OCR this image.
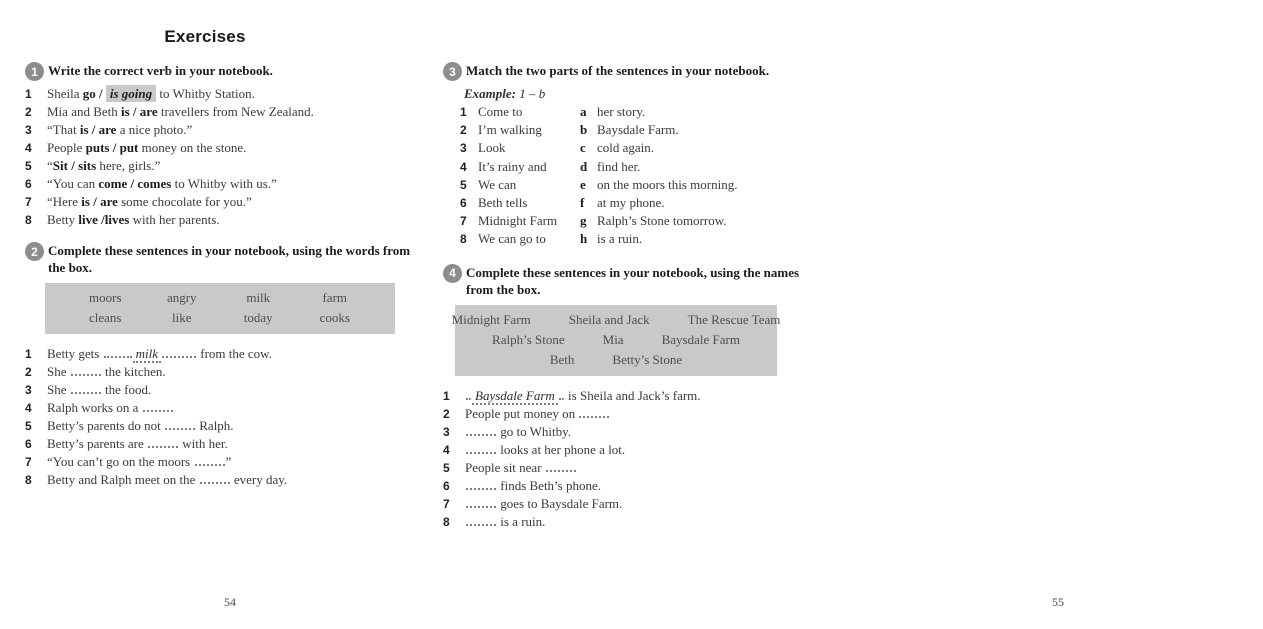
Exercises
1 Write the correct verb in your notebook.
1	Sheila go / is going to Whitby Station.
2	Mia and Beth is / are travellers from New Zealand.
3	“That is / are a nice photo.”
4	People puts / put money on the stone.
5	“Sit / sits here, girls.”
6	“You can come / comes to Whitby with us.”
7	“Here is / are some chocolate for you.”
8	Betty live /lives with her parents.
2 Complete these sentences in your notebook, using the words from the box.
moors	angry	milk	farm
cleans	like	today	cooks
1	Betty gets	milk	from the cow.
2	She  the kitchen.
3	She  the food.
4	Ralph works on a
5	Betty’s parents do not  Ralph.
6	Betty’s parents are  with her.
7	“You can’t go on the moors ”
8	Betty and Ralph meet on the  every day.
54
3 Match the two parts of the sentences in your notebook.
Example: 1 – b
1 Come to	a her story.
2 I’m walking	b Baysdale Farm.
3 Look	c cold again.
4 It’s rainy and	d find her.
5 We can	e on the moors this morning.
6 Beth tells	f at my phone.
7 Midnight Farm	g Ralph’s Stone tomorrow.
8 We can go to	h is a ruin.
4 Complete these sentences in your notebook, using the names from the box.
Midnight Farm	Sheila and Jack	The Rescue Team
Ralph’s Stone	Mia	Baysdale Farm
Beth	Betty’s Stone
1	Baysdale Farm is Sheila and Jack’s farm.
2	People put money on
3	go to Whitby.
4	looks at her phone a lot.
5	People sit near
6	finds Beth’s phone.
7	goes to Baysdale Farm.
8	is a ruin.
55
